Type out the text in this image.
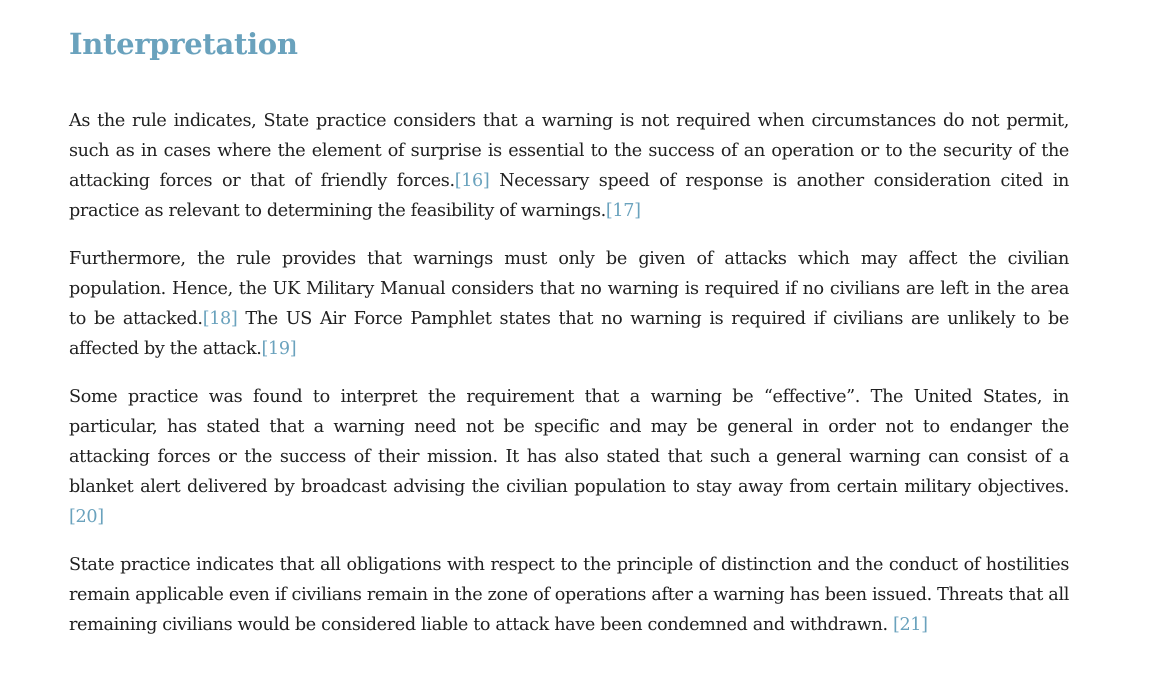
Interpretation

As the rule indicates, State practice considers that a warning is not required when circumstances do not permit, such as in cases where the element of surprise is essential to the success of an operation or to the security of the attacking forces or that of friendly forces.[16] Necessary speed of response is another consideration cited in practice as relevant to determining the feasibility of warnings.[17]

Furthermore, the rule provides that warnings must only be given of attacks which may affect the civilian population. Hence, the UK Military Manual considers that no warning is required if no civilians are left in the area to be attacked.[18] The US Air Force Pamphlet states that no warning is required if civilians are unlikely to be affected by the attack.[19]

Some practice was found to interpret the requirement that a warning be “effective”. The United States, in particular, has stated that a warning need not be specific and may be general in order not to endanger the attacking forces or the success of their mission. It has also stated that such a general warning can consist of a blanket alert delivered by broadcast advising the civilian population to stay away from certain military objectives.[20]

State practice indicates that all obligations with respect to the principle of distinction and the conduct of hostilities remain applicable even if civilians remain in the zone of operations after a warning has been issued. Threats that all remaining civilians would be considered liable to attack have been condemned and withdrawn. [21]
